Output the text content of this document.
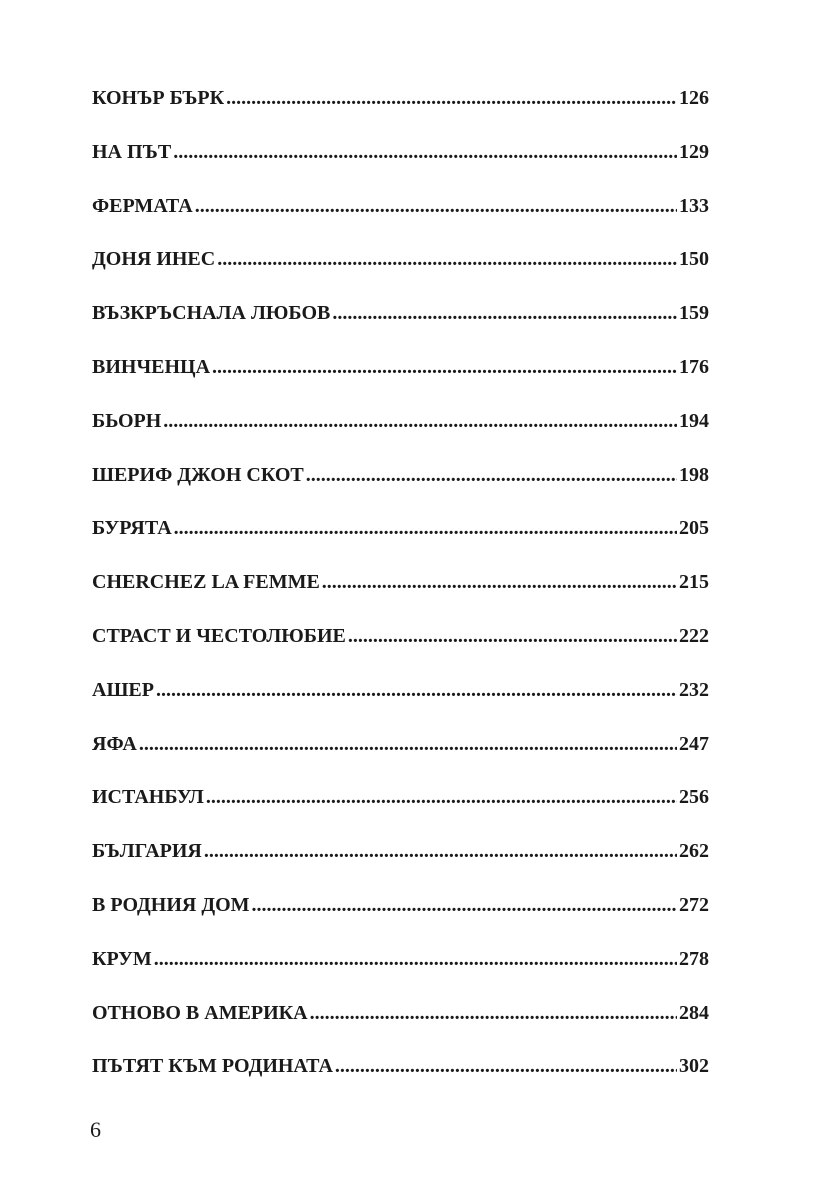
КОНЪР БЪРК .....	126
НА ПЪТ .....	129
ФЕРМАТА .....	133
ДОНЯ ИНЕС .....	150
ВЪЗКРЪСНАЛА ЛЮБОВ .....	159
ВИНЧЕНЦА .....	176
БЬОРН .....	194
ШЕРИФ ДЖОН СКОТ .....	198
БУРЯТА .....	205
CHERCHEZ LA FEMME .....	215
СТРАСТ И ЧЕСТОЛЮБИЕ .....	222
АШЕР .....	232
ЯФА .....	247
ИСТАНБУЛ .....	256
БЪЛГАРИЯ .....	262
В РОДНИЯ ДОМ .....	272
КРУМ .....	278
ОТНОВО В АМЕРИКА .....	284
ПЪТЯТ КЪМ РОДИНАТА .....	302
6
